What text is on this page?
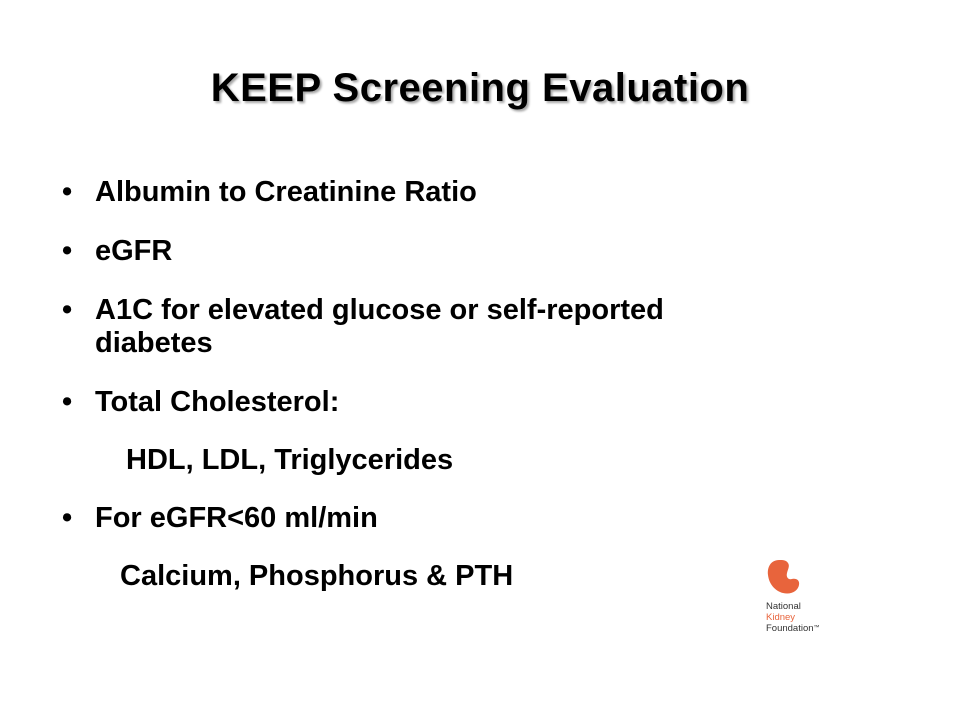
KEEP Screening Evaluation
• Albumin to Creatinine Ratio
• eGFR
• A1C for elevated glucose or self-reported
diabetes
• Total Cholesterol:
HDL, LDL, Triglycerides
• For eGFR<60 ml/min
Calcium, Phosphorus & PTH
National
Kidney
Foundation™
